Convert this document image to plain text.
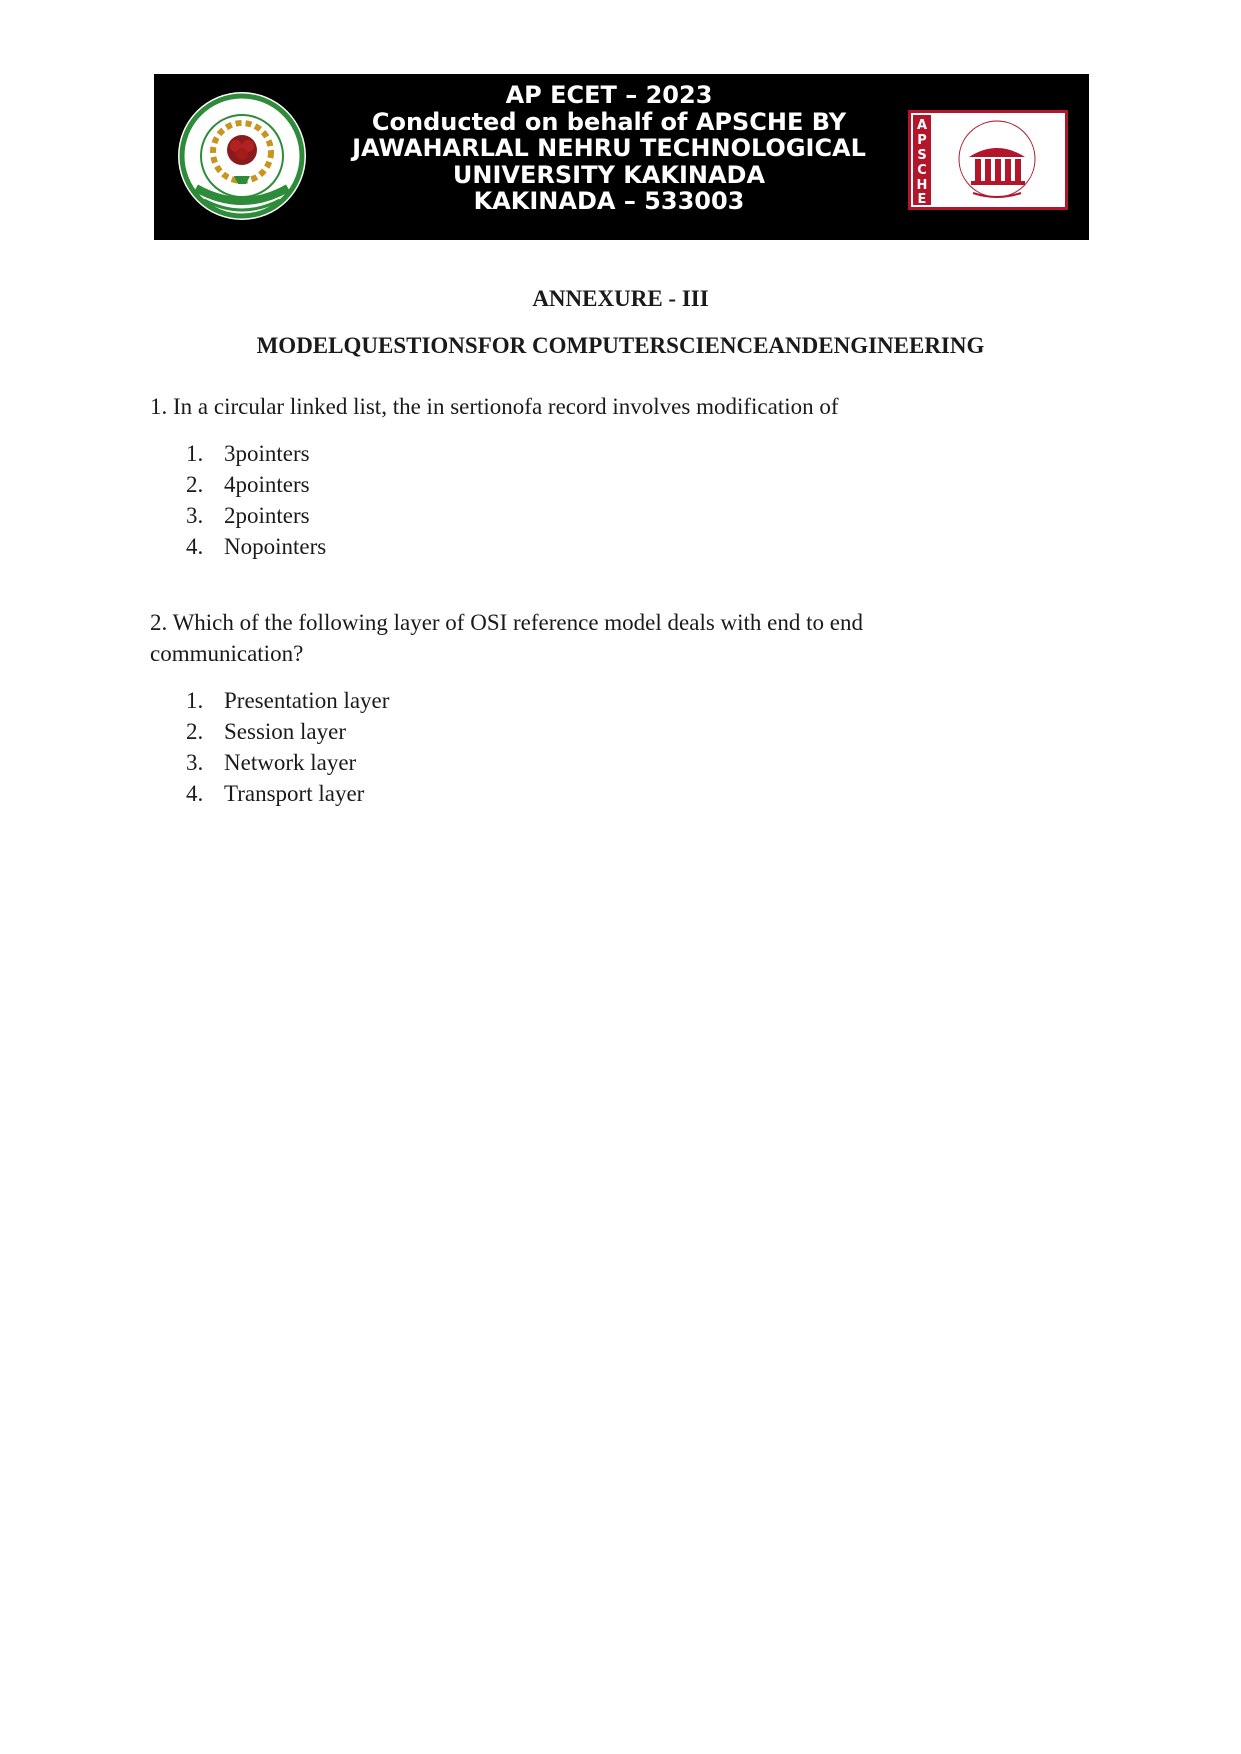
AP ECET – 2023
Conducted on behalf of APSCHE BY
JAWAHARLAL NEHRU TECHNOLOGICAL
UNIVERSITY KAKINADA
KAKINADA – 533003
A
P
S
C
H
E
ANNEXURE - III
MODELQUESTIONSFOR COMPUTERSCIENCEANDENGINEERING
1. In a circular linked list, the in sertionofa record involves modification of
1. 3pointers
2. 4pointers
3. 2pointers
4. Nopointers
2. Which of the following layer of OSI reference model deals with end to end
communication?
1. Presentation layer
2. Session layer
3. Network layer
4. Transport layer
